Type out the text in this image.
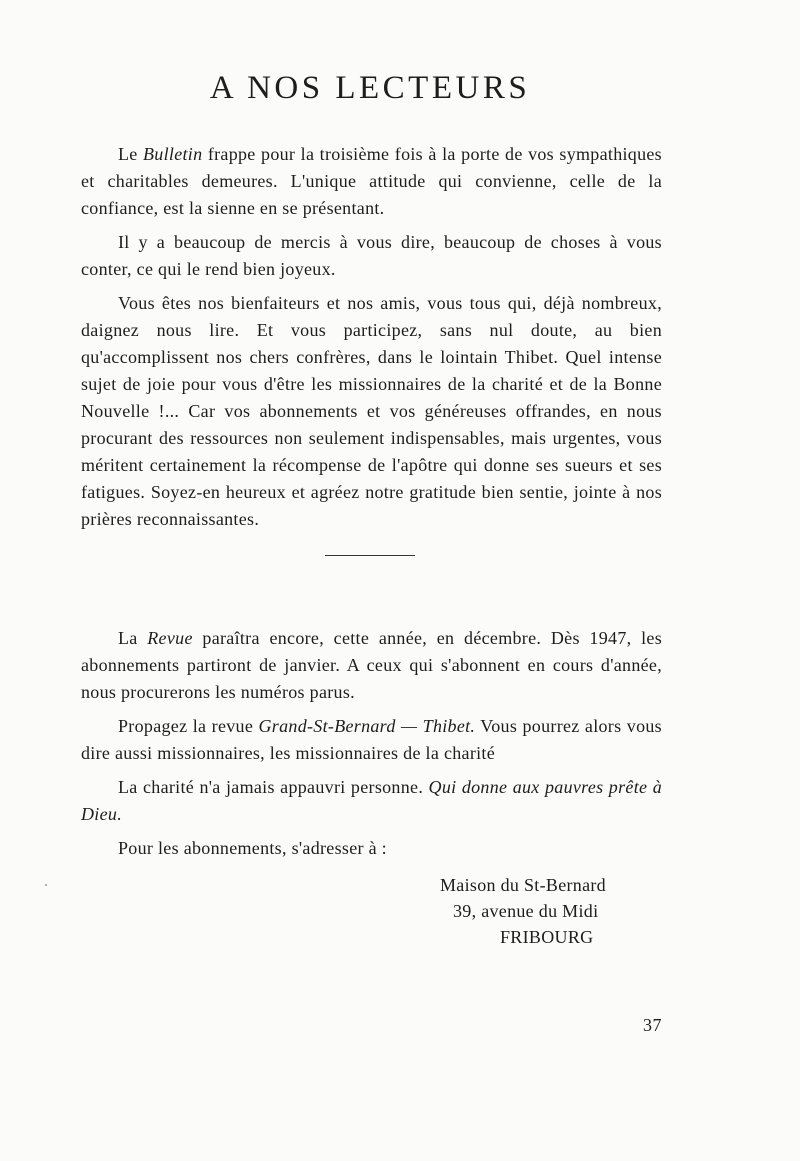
A NOS LECTEURS

Le Bulletin frappe pour la troisième fois à la porte de vos sympathiques et charitables demeures. L'unique attitude qui convienne, celle de la confiance, est la sienne en se présentant.

Il y a beaucoup de mercis à vous dire, beaucoup de choses à vous conter, ce qui le rend bien joyeux.

Vous êtes nos bienfaiteurs et nos amis, vous tous qui, déjà nombreux, daignez nous lire. Et vous participez, sans nul doute, au bien qu'accomplissent nos chers confrères, dans le lointain Thibet. Quel intense sujet de joie pour vous d'être les missionnaires de la charité et de la Bonne Nouvelle !... Car vos abonnements et vos généreuses offrandes, en nous procurant des ressources non seulement indispensables, mais urgentes, vous méritent certainement la récompense de l'apôtre qui donne ses sueurs et ses fatigues. Soyez-en heureux et agréez notre gratitude bien sentie, jointe à nos prières reconnaissantes.

La Revue paraîtra encore, cette année, en décembre. Dès 1947, les abonnements partiront de janvier. A ceux qui s'abonnent en cours d'année, nous procurerons les numéros parus.

Propagez la revue Grand-St-Bernard — Thibet. Vous pourrez alors vous dire aussi missionnaires, les missionnaires de la charité

La charité n'a jamais appauvri personne. Qui donne aux pauvres prête à Dieu.

Pour les abonnements, s'adresser à :

Maison du St-Bernard
39, avenue du Midi
FRIBOURG
37
